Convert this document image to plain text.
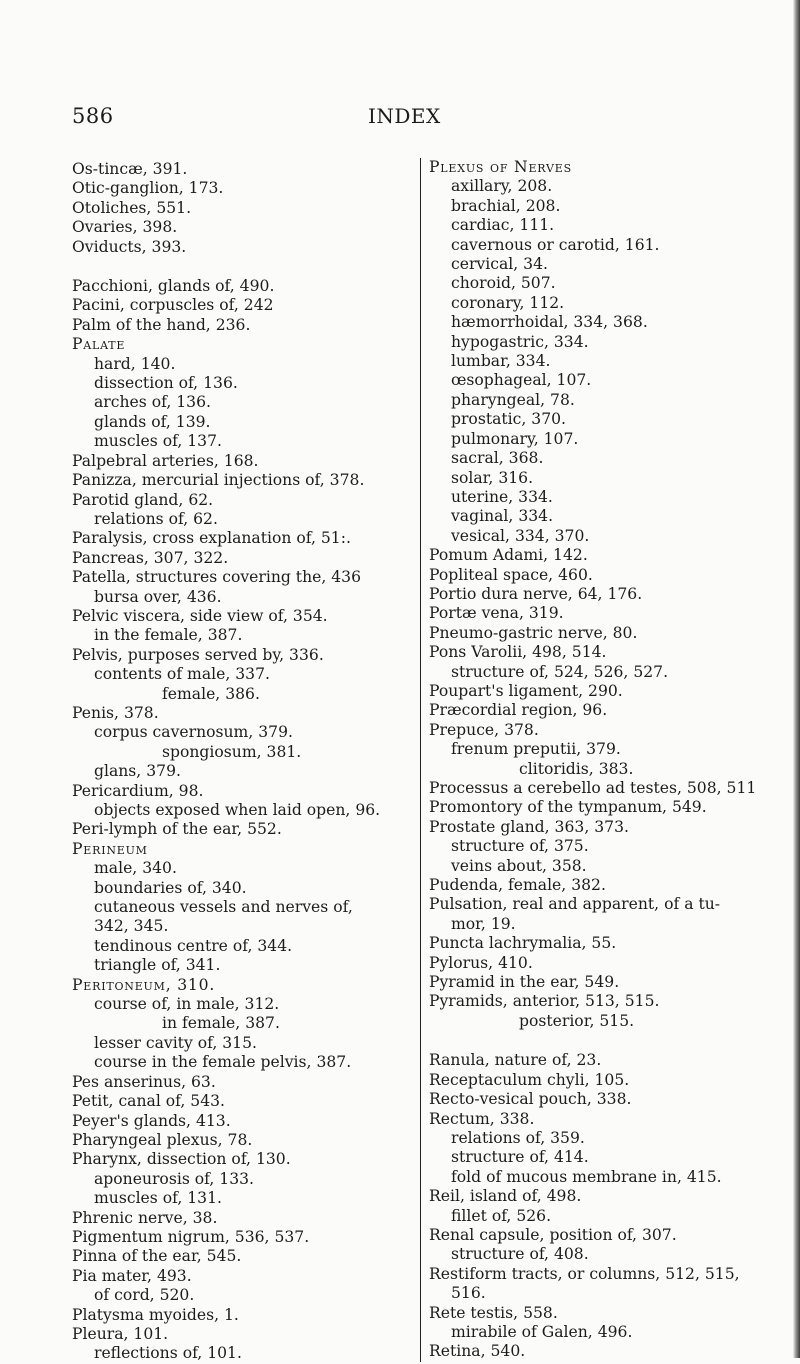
586	INDEX
Os-tincæ, 391.
Otic-ganglion, 173.
Otoliches, 551.
Ovaries, 398.
Oviducts, 393.
Pacchioni, glands of, 490.
Pacini, corpuscles of, 242
Palm of the hand, 236.
Palate
hard, 140.
dissection of, 136.
arches of, 136.
glands of, 139.
muscles of, 137.
Palpebral arteries, 168.
Panizza, mercurial injections of, 378.
Parotid gland, 62.
relations of, 62.
Paralysis, cross explanation of, 51:.
Pancreas, 307, 322.
Patella, structures covering the, 436
bursa over, 436.
Pelvic viscera, side view of, 354.
in the female, 387.
Pelvis, purposes served by, 336.
contents of male, 337.
female, 386.
Penis, 378.
corpus cavernosum, 379.
spongiosum, 381.
glans, 379.
Pericardium, 98.
objects exposed when laid open, 96.
Peri-lymph of the ear, 552.
Perineum
male, 340.
boundaries of, 340.
cutaneous vessels and nerves of,
342, 345.
tendinous centre of, 344.
triangle of, 341.
Peritoneum, 310.
course of, in male, 312.
in female, 387.
lesser cavity of, 315.
course in the female pelvis, 387.
Pes anserinus, 63.
Petit, canal of, 543.
Peyer's glands, 413.
Pharyngeal plexus, 78.
Pharynx, dissection of, 130.
aponeurosis of, 133.
muscles of, 131.
Phrenic nerve, 38.
Pigmentum nigrum, 536, 537.
Pinna of the ear, 545.
Pia mater, 493.
of cord, 520.
Platysma myoides, 1.
Pleura, 101.
reflections of, 101.
Plexus of Nerves
axillary, 208.
brachial, 208.
cardiac, 111.
cavernous or carotid, 161.
cervical, 34.
choroid, 507.
coronary, 112.
hæmorrhoidal, 334, 368.
hypogastric, 334.
lumbar, 334.
œsophageal, 107.
pharyngeal, 78.
prostatic, 370.
pulmonary, 107.
sacral, 368.
solar, 316.
uterine, 334.
vaginal, 334.
vesical, 334, 370.
Pomum Adami, 142.
Popliteal space, 460.
Portio dura nerve, 64, 176.
Portæ vena, 319.
Pneumo-gastric nerve, 80.
Pons Varolii, 498, 514.
structure of, 524, 526, 527.
Poupart's ligament, 290.
Præcordial region, 96.
Prepuce, 378.
frenum preputii, 379.
clitoridis, 383.
Processus a cerebello ad testes, 508, 511
Promontory of the tympanum, 549.
Prostate gland, 363, 373.
structure of, 375.
veins about, 358.
Pudenda, female, 382.
Pulsation, real and apparent, of a tu-
mor, 19.
Puncta lachrymalia, 55.
Pylorus, 410.
Pyramid in the ear, 549.
Pyramids, anterior, 513, 515.
posterior, 515.
Ranula, nature of, 23.
Receptaculum chyli, 105.
Recto-vesical pouch, 338.
Rectum, 338.
relations of, 359.
structure of, 414.
fold of mucous membrane in, 415.
Reil, island of, 498.
fillet of, 526.
Renal capsule, position of, 307.
structure of, 408.
Restiform tracts, or columns, 512, 515,
516.
Rete testis, 558.
mirabile of Galen, 496.
Retina, 540.
